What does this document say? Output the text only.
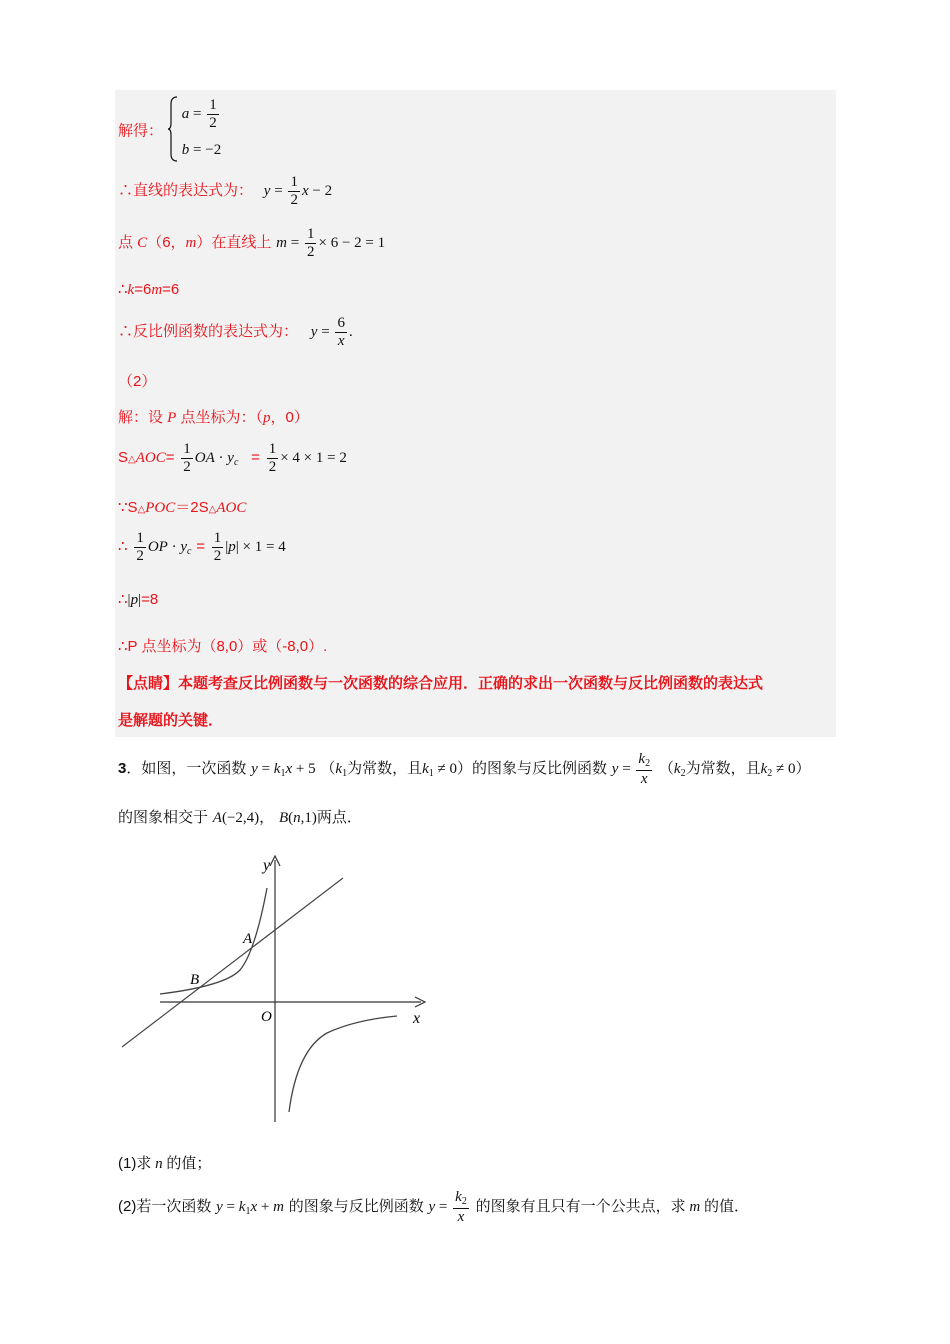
解得：
$a = \frac{1}{2}$
b = −2
∴直线的表达式为： $y = \frac{1}{2}$ x − 2
点 C（6，m）在直线上 $m = \frac{1}{2} \times 6 - 2 = 1$
∴k=6m=6
∴反比例函数的表达式为： $y = \frac{6}{x}$ .
（2）
解：设 P 点坐标为：（p，0）
S△AOC= $\frac{1}{2}$ OA · $y_c = \frac{1}{2} \times 4 \times 1 = 2$
∵S△POC＝2S△AOC
∴ $\frac{1}{2}$ OP · $y_c = \frac{1}{2} |p| \times 1 = 4$
∴|p|=8
∴P 点坐标为（8,0）或（-8,0）.
【点睛】本题考查反比例函数与一次函数的综合应用．正确的求出一次函数与反比例函数的表达式
是解题的关键．
3．如图，一次函数 $y = k_1x + 5$ （$k_1$为常数，且$k_1 \ne 0$）的图象与反比例函数 $y = \frac{k_2}{x} (k_2$为常数，且$k_2 \ne 0$）
的图象相交于 A(−2,4)， B(n,1)两点．
y
x
O
A
B
(1)求 n 的值；
(2)若一次函数 $y = k_1x + m$ 的图象与反比例函数 $y = \frac{k_2}{x}$ 的图象有且只有一个公共点，求 m 的值．
